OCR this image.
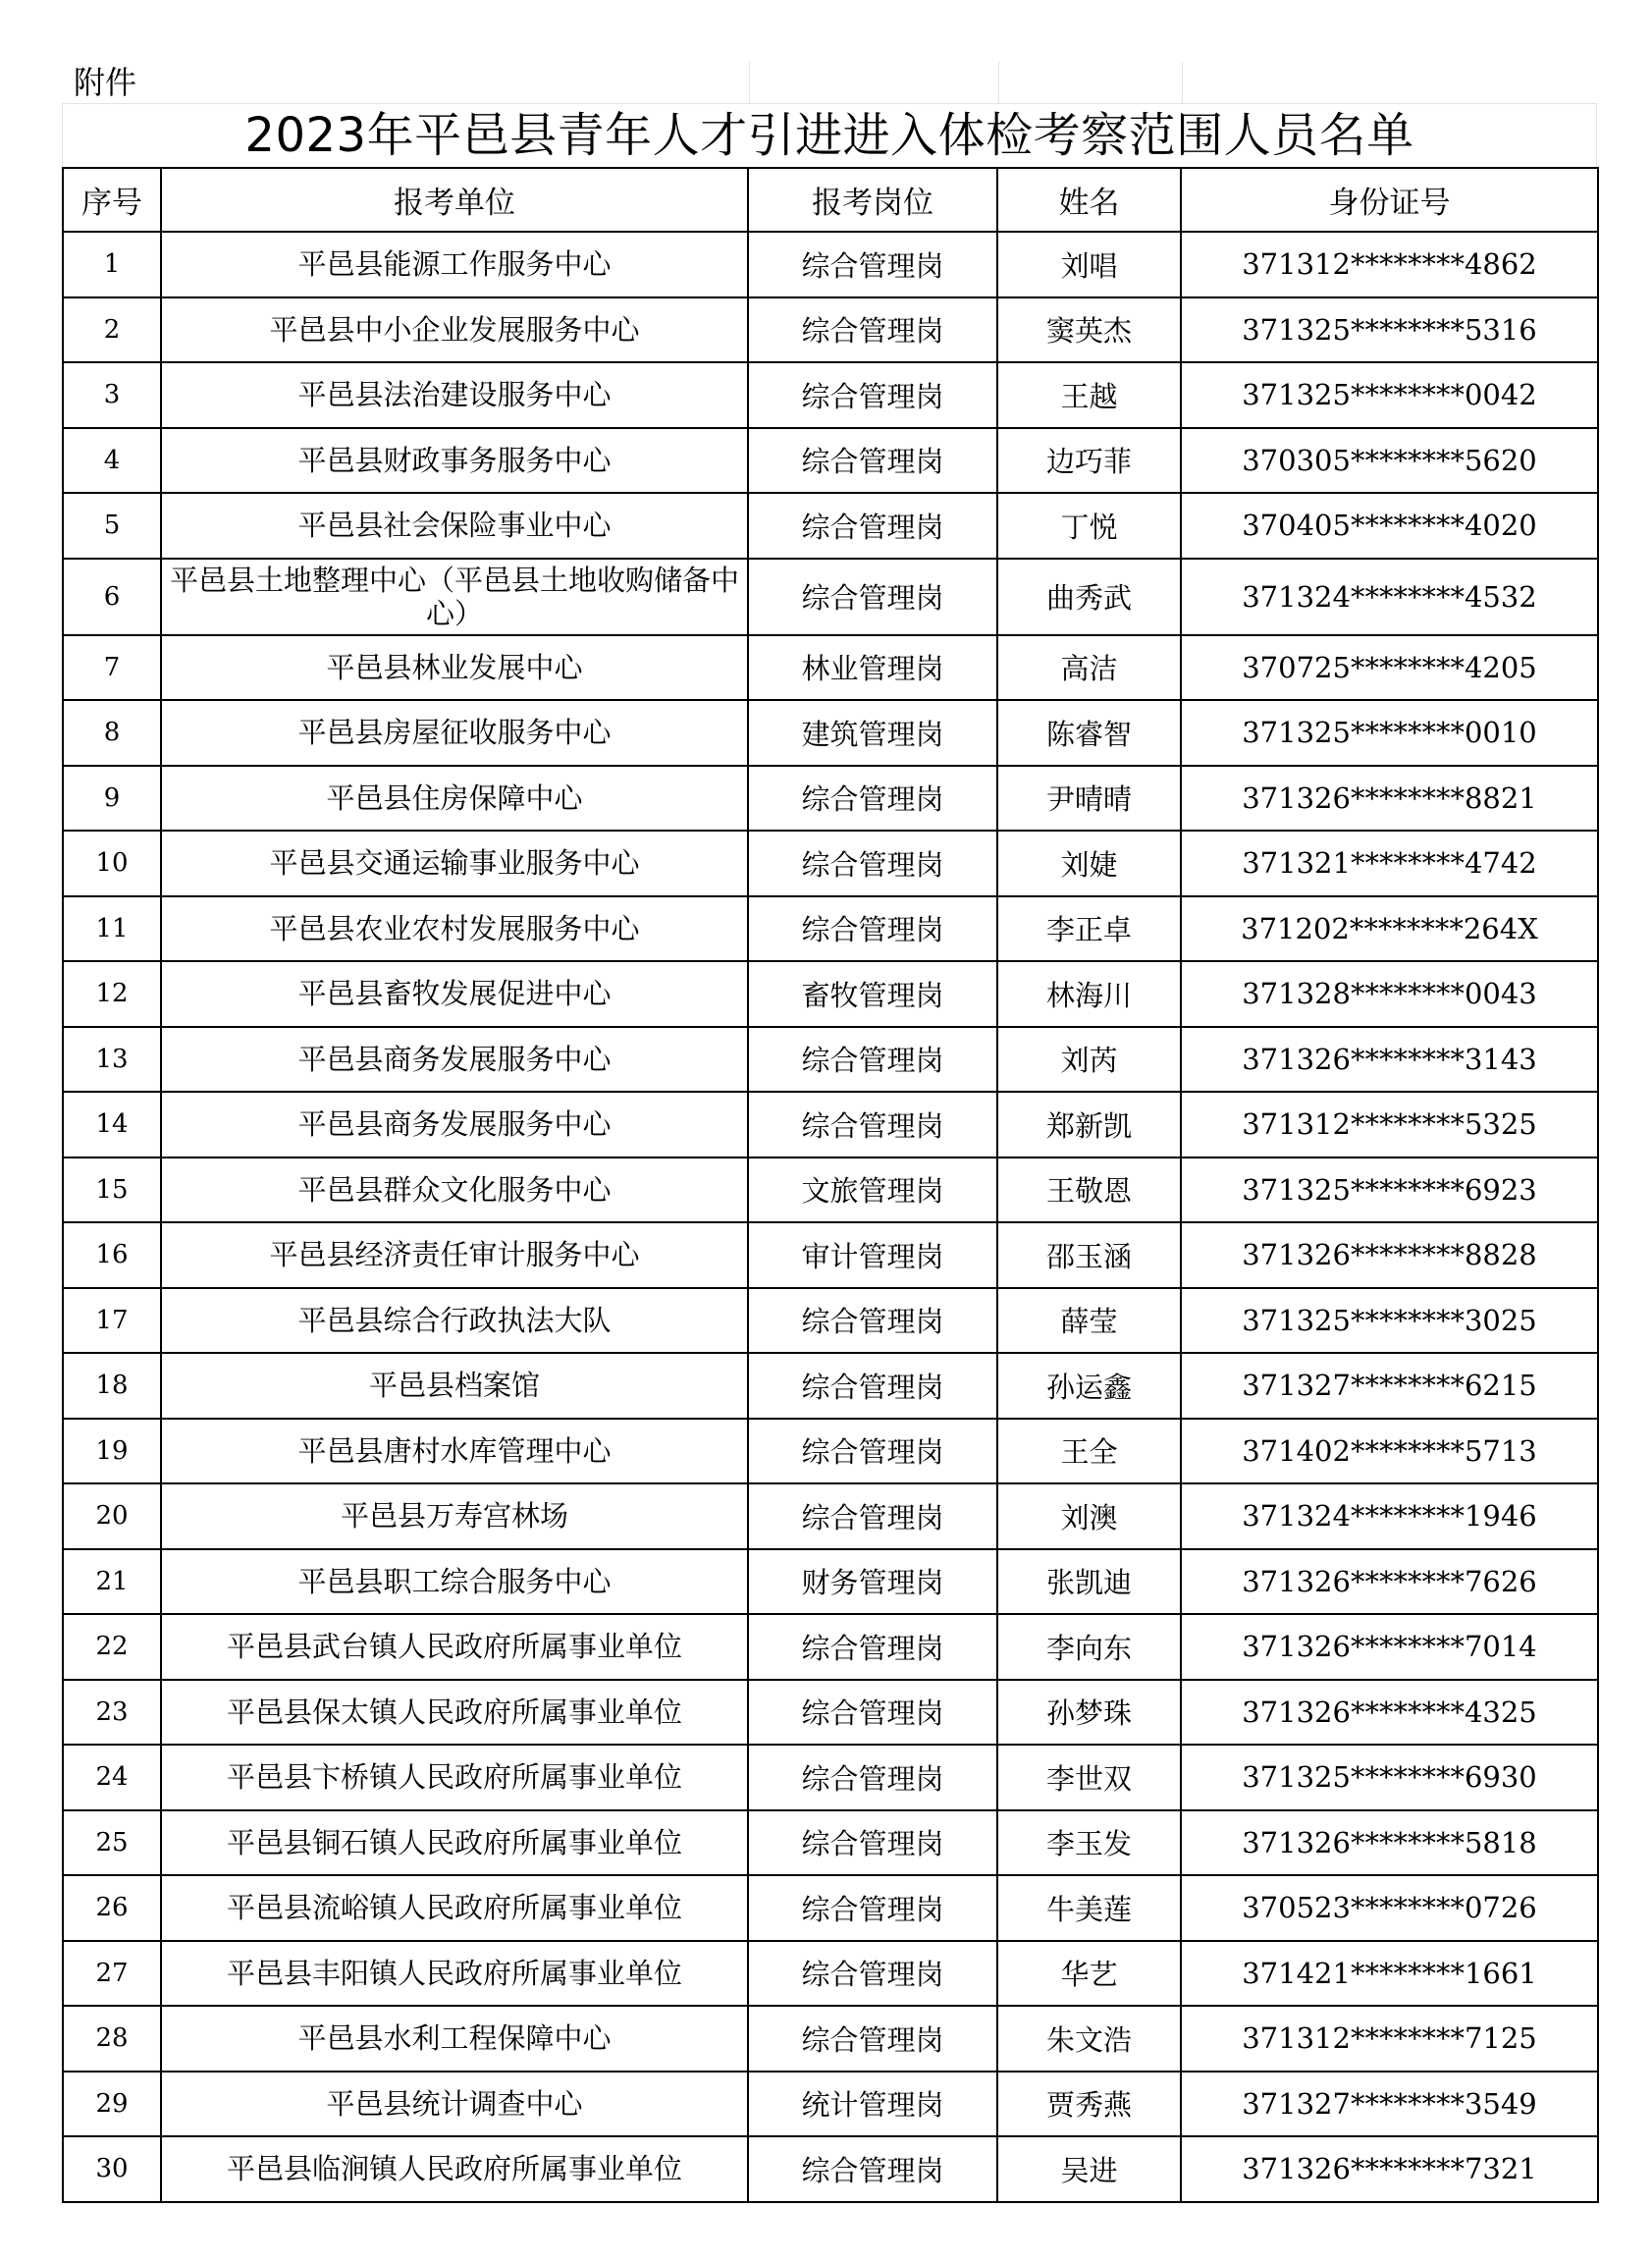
附件
2023年平邑县青年人才引进进入体检考察范围人员名单
序号	报考单位	报考岗位	姓名	身份证号
1	平邑县能源工作服务中心	综合管理岗	刘唱	371312********4862
2	平邑县中小企业发展服务中心	综合管理岗	窦英杰	371325********5316
3	平邑县法治建设服务中心	综合管理岗	王越	371325********0042
4	平邑县财政事务服务中心	综合管理岗	边巧菲	370305********5620
5	平邑县社会保险事业中心	综合管理岗	丁悦	370405********4020
6	平邑县土地整理中心（平邑县土地收购储备中心）	综合管理岗	曲秀武	371324********4532
7	平邑县林业发展中心	林业管理岗	高洁	370725********4205
8	平邑县房屋征收服务中心	建筑管理岗	陈睿智	371325********0010
9	平邑县住房保障中心	综合管理岗	尹晴晴	371326********8821
10	平邑县交通运输事业服务中心	综合管理岗	刘婕	371321********4742
11	平邑县农业农村发展服务中心	综合管理岗	李正卓	371202********264X
12	平邑县畜牧发展促进中心	畜牧管理岗	林海川	371328********0043
13	平邑县商务发展服务中心	综合管理岗	刘芮	371326********3143
14	平邑县商务发展服务中心	综合管理岗	郑新凯	371312********5325
15	平邑县群众文化服务中心	文旅管理岗	王敬恩	371325********6923
16	平邑县经济责任审计服务中心	审计管理岗	邵玉涵	371326********8828
17	平邑县综合行政执法大队	综合管理岗	薛莹	371325********3025
18	平邑县档案馆	综合管理岗	孙运鑫	371327********6215
19	平邑县唐村水库管理中心	综合管理岗	王全	371402********5713
20	平邑县万寿宫林场	综合管理岗	刘澳	371324********1946
21	平邑县职工综合服务中心	财务管理岗	张凯迪	371326********7626
22	平邑县武台镇人民政府所属事业单位	综合管理岗	李向东	371326********7014
23	平邑县保太镇人民政府所属事业单位	综合管理岗	孙梦珠	371326********4325
24	平邑县卞桥镇人民政府所属事业单位	综合管理岗	李世双	371325********6930
25	平邑县铜石镇人民政府所属事业单位	综合管理岗	李玉发	371326********5818
26	平邑县流峪镇人民政府所属事业单位	综合管理岗	牛美莲	370523********0726
27	平邑县丰阳镇人民政府所属事业单位	综合管理岗	华艺	371421********1661
28	平邑县水利工程保障中心	综合管理岗	朱文浩	371312********7125
29	平邑县统计调查中心	统计管理岗	贾秀燕	371327********3549
30	平邑县临涧镇人民政府所属事业单位	综合管理岗	吴进	371326********7321
